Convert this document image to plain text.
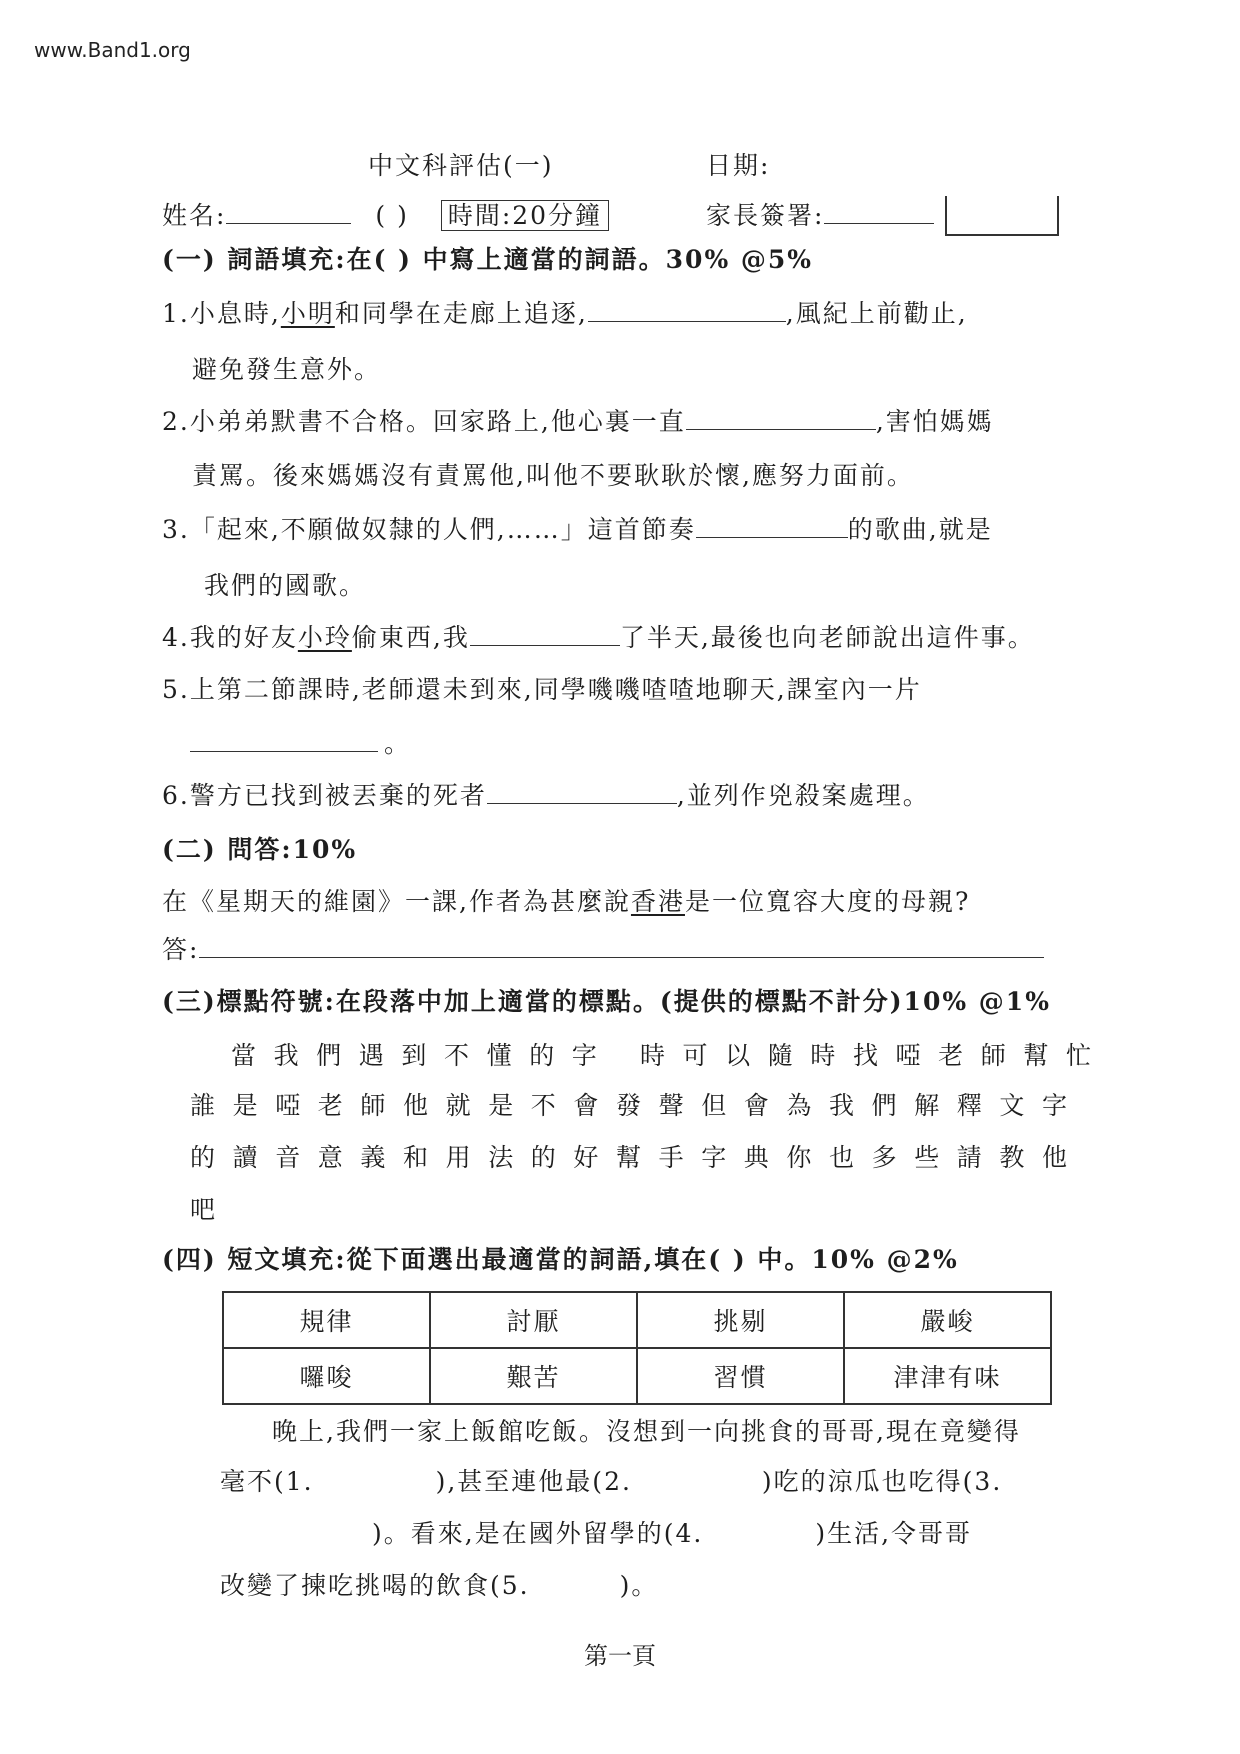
www.Band1.org
中文科評估(一)	日期:
姓名:	( ) 時間:20分鐘	家長簽署:
(一) 詞語填充:在( ) 中寫上適當的詞語。30% @5%
1.小息時,小明和同學在走廊上追逐,	,風紀上前勸止,
避免發生意外。
2.小弟弟默書不合格。回家路上,他心裏一直	,害怕媽媽
責罵。後來媽媽沒有責罵他,叫他不要耿耿於懷,應努力面前。
3.「起來,不願做奴隸的人們,……」這首節奏	的歌曲,就是
我們的國歌。
4.我的好友小玲偷東西,我	了半天,最後也向老師說出這件事。
5.上第二節課時,老師還未到來,同學嘰嘰喳喳地聊天,課室內一片
。
6.警方已找到被丟棄的死者	,並列作兇殺案處理。
(二) 問答:10%
在《星期天的維園》一課,作者為甚麼說香港是一位寬容大度的母親?
答:
(三)標點符號:在段落中加上適當的標點。(提供的標點不計分)10% @1%
當我們遇到不懂的字 時可以隨時找啞老師幫忙
誰是啞老師他就是不會發聲但會為我們解釋文字
的讀音意義和用法的好幫手字典你也多些請教他
吧
(四) 短文填充:從下面選出最適當的詞語,填在( ) 中。10% @2%
規律	討厭	挑剔	嚴峻
囉唆	艱苦	習慣	津津有味
晚上,我們一家上飯館吃飯。沒想到一向挑食的哥哥,現在竟變得
毫不(1.	),甚至連他最(2.	)吃的涼瓜也吃得(3.
)。看來,是在國外留學的(4.	)生活,令哥哥
改變了揀吃挑喝的飲食(5.	)。
第一頁
